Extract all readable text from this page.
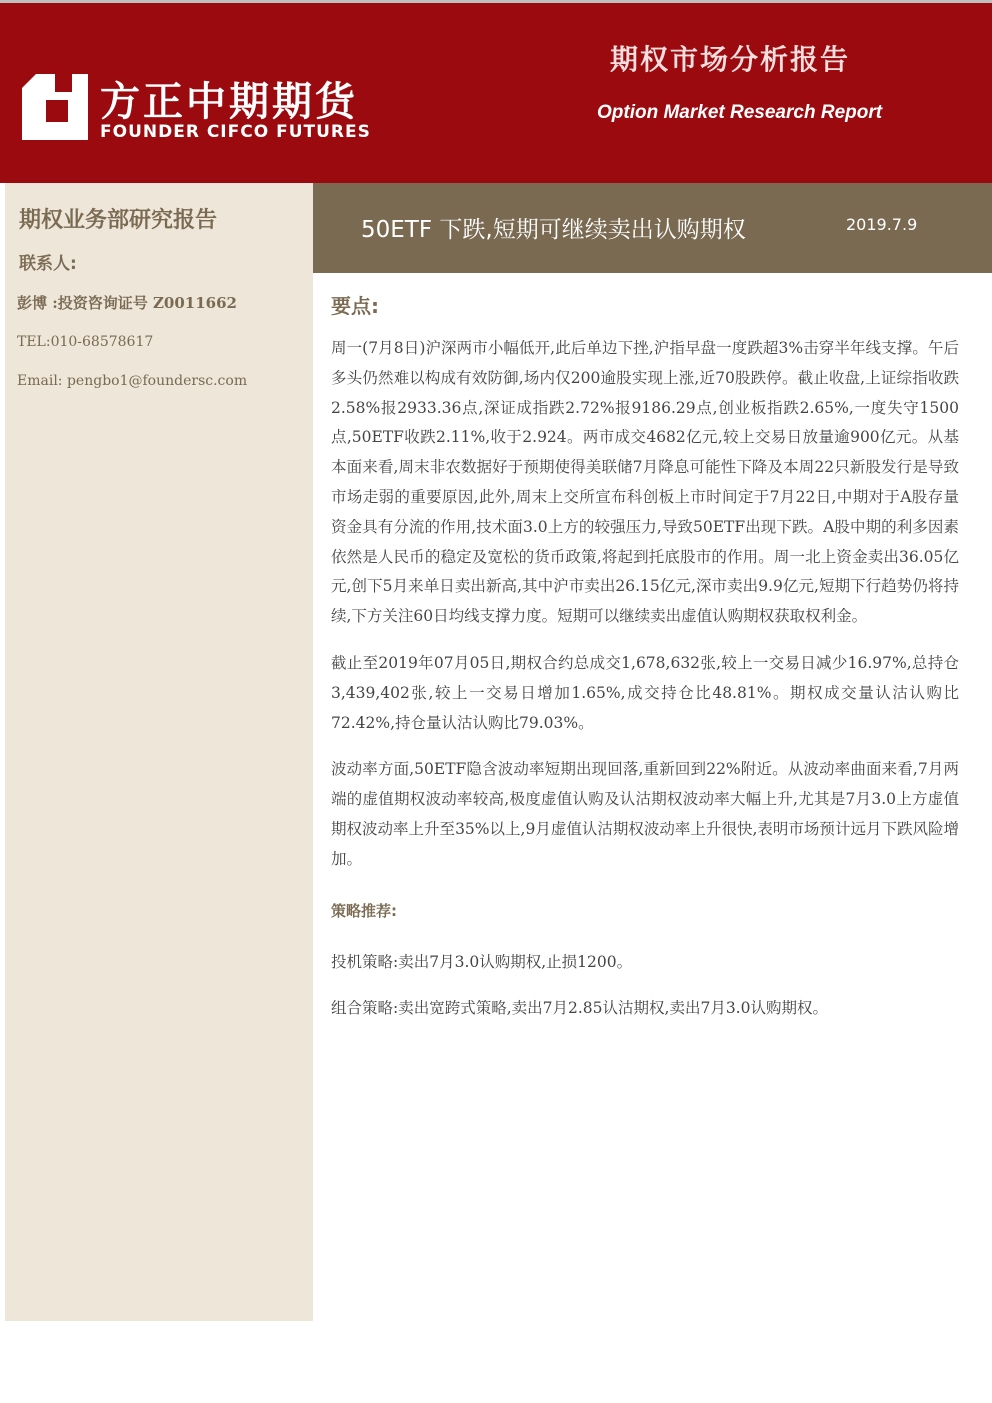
方正中期期货
FOUNDER CIFCO FUTURES
期权市场分析报告
Option Market Research Report
期权业务部研究报告
联系人:
彭博 :投资咨询证号 Z0011662
TEL:010-68578617
Email: pengbo1@foundersc.com
50ETF 下跌,短期可继续卖出认购期权	2019.7.9
要点:

周一(7月8日)沪深两市小幅低开,此后单边下挫,沪指早盘一度跌超3%击穿半年线支撑。午后多头仍然难以构成有效防御,场内仅200逾股实现上涨,近70股跌停。截止收盘,上证综指收跌2.58%报2933.36点,深证成指跌2.72%报9186.29点,创业板指跌2.65%,一度失守1500点,50ETF收跌2.11%,收于2.924。两市成交4682亿元,较上交易日放量逾900亿元。从基本面来看,周末非农数据好于预期使得美联储7月降息可能性下降及本周22只新股发行是导致市场走弱的重要原因,此外,周末上交所宣布科创板上市时间定于7月22日,中期对于A股存量资金具有分流的作用,技术面3.0上方的较强压力,导致50ETF出现下跌。A股中期的利多因素依然是人民币的稳定及宽松的货币政策,将起到托底股市的作用。周一北上资金卖出36.05亿元,创下5月来单日卖出新高,其中沪市卖出26.15亿元,深市卖出9.9亿元,短期下行趋势仍将持续,下方关注60日均线支撑力度。短期可以继续卖出虚值认购期权获取权利金。

截止至2019年07月05日,期权合约总成交1,678,632张,较上一交易日减少16.97%,总持仓3,439,402张,较上一交易日增加1.65%,成交持仓比48.81%。期权成交量认沽认购比72.42%,持仓量认沽认购比79.03%。

波动率方面,50ETF隐含波动率短期出现回落,重新回到22%附近。从波动率曲面来看,7月两端的虚值期权波动率较高,极度虚值认购及认沽期权波动率大幅上升,尤其是7月3.0上方虚值期权波动率上升至35%以上,9月虚值认沽期权波动率上升很快,表明市场预计远月下跌风险增加。

策略推荐:

投机策略:卖出7月3.0认购期权,止损1200。

组合策略:卖出宽跨式策略,卖出7月2.85认沽期权,卖出7月3.0认购期权。
